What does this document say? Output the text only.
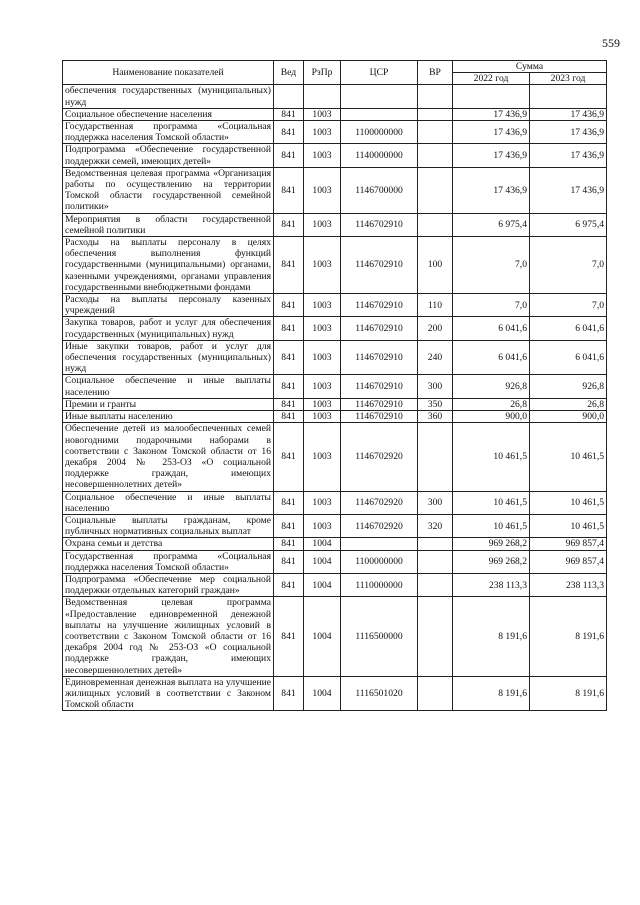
559
Наименование показателей	Вед	РзПр	ЦСР	ВР	Сумма	
					2022 год	2023 год
обеспечения государственных (муниципальных) нужд						
Социальное обеспечение населения	841	1003			17 436,9	17 436,9
Государственная программа «Социальная поддержка населения Томской области»	841	1003	1100000000		17 436,9	17 436,9
Подпрограмма «Обеспечение государственной поддержки семей, имеющих детей»	841	1003	1140000000		17 436,9	17 436,9
Ведомственная целевая программа «Организация работы по осуществлению на территории Томской области государственной семейной политики»	841	1003	1146700000		17 436,9	17 436,9
Мероприятия в области государственной семейной политики	841	1003	1146702910		6 975,4	6 975,4
Расходы на выплаты персоналу в целях обеспечения выполнения функций государственными (муниципальными) органами, казенными учреждениями, органами управления государственными внебюджетными фондами	841	1003	1146702910	100	7,0	7,0
Расходы на выплаты персоналу казенных учреждений	841	1003	1146702910	110	7,0	7,0
Закупка товаров, работ и услуг для обеспечения государственных (муниципальных) нужд	841	1003	1146702910	200	6 041,6	6 041,6
Иные закупки товаров, работ и услуг для обеспечения государственных (муниципальных) нужд	841	1003	1146702910	240	6 041,6	6 041,6
Социальное обеспечение и иные выплаты населению	841	1003	1146702910	300	926,8	926,8
Премии и гранты	841	1003	1146702910	350	26,8	26,8
Иные выплаты населению	841	1003	1146702910	360	900,0	900,0
Обеспечение детей из малообеспеченных семей новогодними подарочными наборами в соответствии с Законом Томской области от 16 декабря 2004 № 253-ОЗ «О социальной поддержке граждан, имеющих несовершеннолетних детей»	841	1003	1146702920		10 461,5	10 461,5
Социальное обеспечение и иные выплаты населению	841	1003	1146702920	300	10 461,5	10 461,5
Социальные выплаты гражданам, кроме публичных нормативных социальных выплат	841	1003	1146702920	320	10 461,5	10 461,5
Охрана семьи и детства	841	1004			969 268,2	969 857,4
Государственная программа «Социальная поддержка населения Томской области»	841	1004	1100000000		969 268,2	969 857,4
Подпрограмма «Обеспечение мер социальной поддержки отдельных категорий граждан»	841	1004	1110000000		238 113,3	238 113,3
Ведомственная целевая программа «Предоставление единовременной денежной выплаты на улучшение жилищных условий в соответствии с Законом Томской области от 16 декабря 2004 год № 253-ОЗ «О социальной поддержке граждан, имеющих несовершеннолетних детей»	841	1004	1116500000		8 191,6	8 191,6
Единовременная денежная выплата на улучшение жилищных условий в соответствии с Законом Томской области	841	1004	1116501020		8 191,6	8 191,6
